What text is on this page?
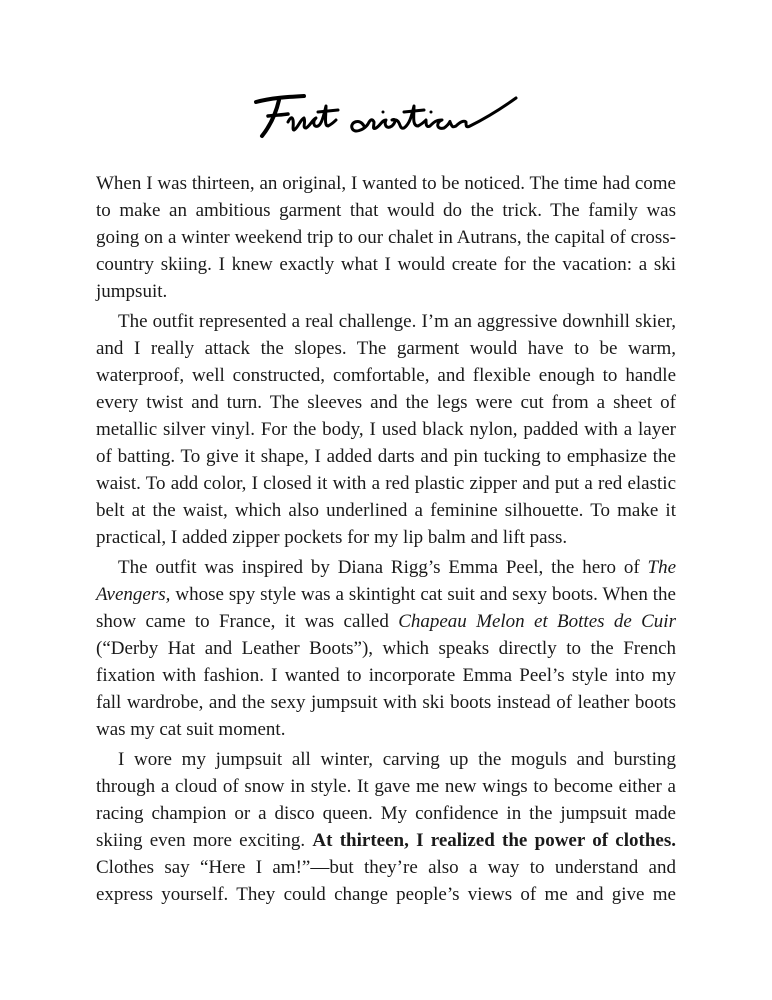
When I was thirteen, an original, I wanted to be noticed. The time had come to make an ambitious garment that would do the trick. The family was going on a winter weekend trip to our chalet in Autrans, the capital of cross-country skiing. I knew exactly what I would create for the vacation: a ski jumpsuit.

The outfit represented a real challenge. I’m an aggressive downhill skier, and I really attack the slopes. The garment would have to be warm, waterproof, well constructed, comfortable, and flexible enough to handle every twist and turn. The sleeves and the legs were cut from a sheet of metallic silver vinyl. For the body, I used black nylon, padded with a layer of batting. To give it shape, I added darts and pin tucking to emphasize the waist. To add color, I closed it with a red plastic zipper and put a red elastic belt at the waist, which also underlined a feminine silhouette. To make it practical, I added zipper pockets for my lip balm and lift pass.

The outfit was inspired by Diana Rigg’s Emma Peel, the hero of The Avengers, whose spy style was a skintight cat suit and sexy boots. When the show came to France, it was called Chapeau Melon et Bottes de Cuir (“Derby Hat and Leather Boots”), which speaks directly to the French fixation with fashion. I wanted to incorporate Emma Peel’s style into my fall wardrobe, and the sexy jumpsuit with ski boots instead of leather boots was my cat suit moment.

I wore my jumpsuit all winter, carving up the moguls and bursting through a cloud of snow in style. It gave me new wings to become either a racing champion or a disco queen. My confidence in the jumpsuit made skiing even more exciting. At thirteen, I realized the power of clothes. Clothes say “Here I am!”—but they’re also a way to understand and express yourself. They could change people’s views of me and give me
